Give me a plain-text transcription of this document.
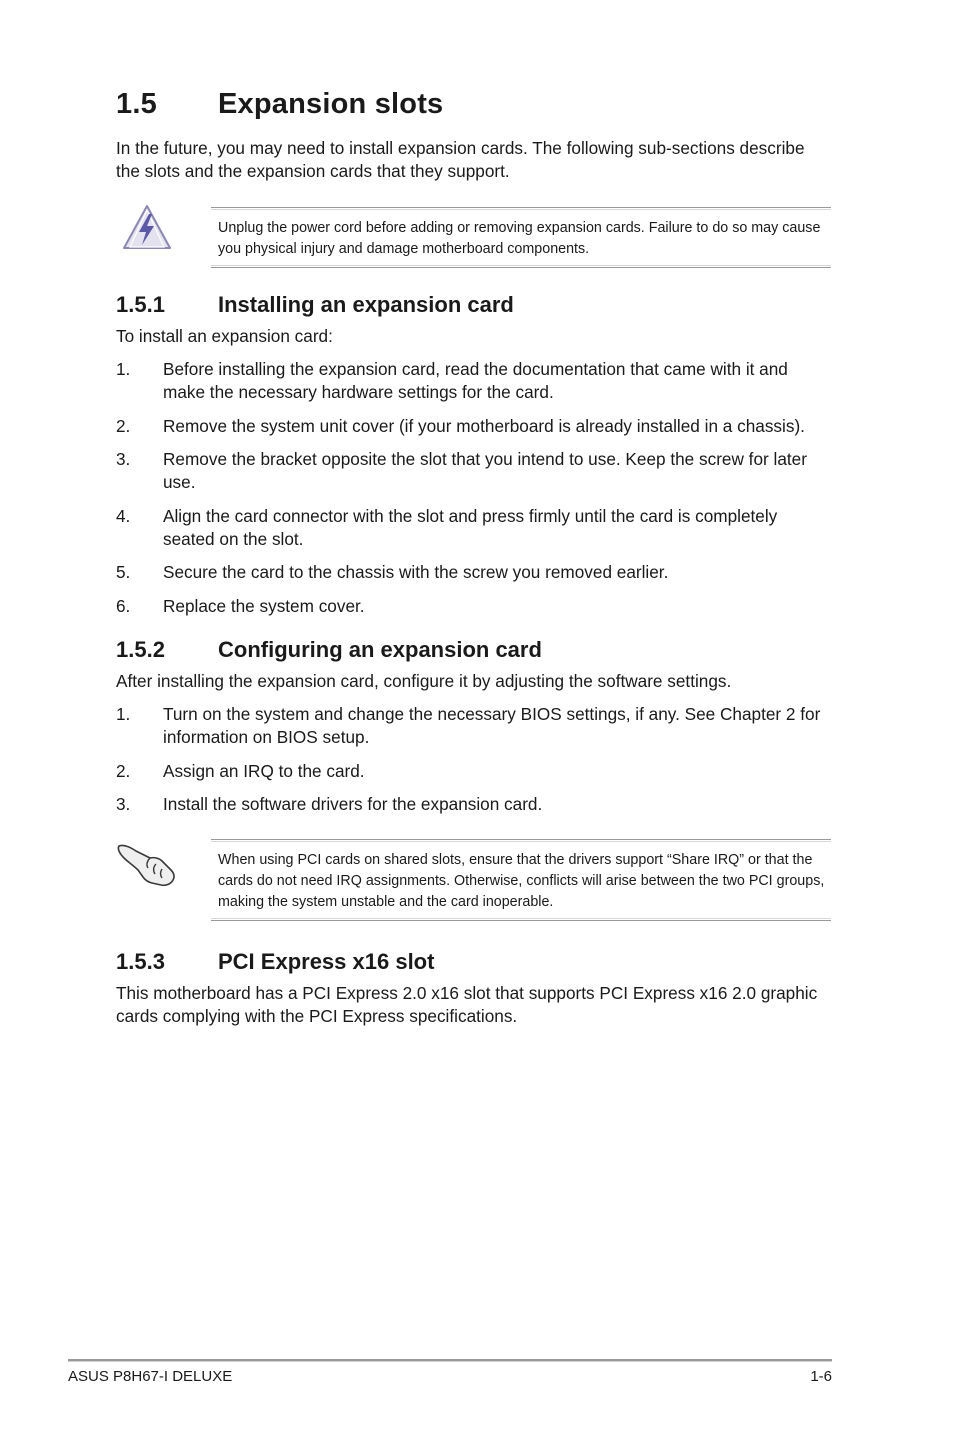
1.5 Expansion slots

In the future, you may need to install expansion cards. The following sub-sections describe the slots and the expansion cards that they support.

Unplug the power cord before adding or removing expansion cards. Failure to do so may cause you physical injury and damage motherboard components.

1.5.1 Installing an expansion card

To install an expansion card:

1.	Before installing the expansion card, read the documentation that came with it and make the necessary hardware settings for the card.
2.	Remove the system unit cover (if your motherboard is already installed in a chassis).
3.	Remove the bracket opposite the slot that you intend to use. Keep the screw for later use.
4.	Align the card connector with the slot and press firmly until the card is completely seated on the slot.
5.	Secure the card to the chassis with the screw you removed earlier.
6.	Replace the system cover.
1.5.2 Configuring an expansion card

After installing the expansion card, configure it by adjusting the software settings.

1.	Turn on the system and change the necessary BIOS settings, if any. See Chapter 2 for information on BIOS setup.
2.	Assign an IRQ to the card.
3.	Install the software drivers for the expansion card.

When using PCI cards on shared slots, ensure that the drivers support “Share IRQ” or that the cards do not need IRQ assignments. Otherwise, conflicts will arise between the two PCI groups, making the system unstable and the card inoperable.

1.5.3 PCI Express x16 slot

This motherboard has a PCI Express 2.0 x16 slot that supports PCI Express x16 2.0 graphic cards complying with the PCI Express specifications.

ASUS P8H67-I DELUXE	1-6
